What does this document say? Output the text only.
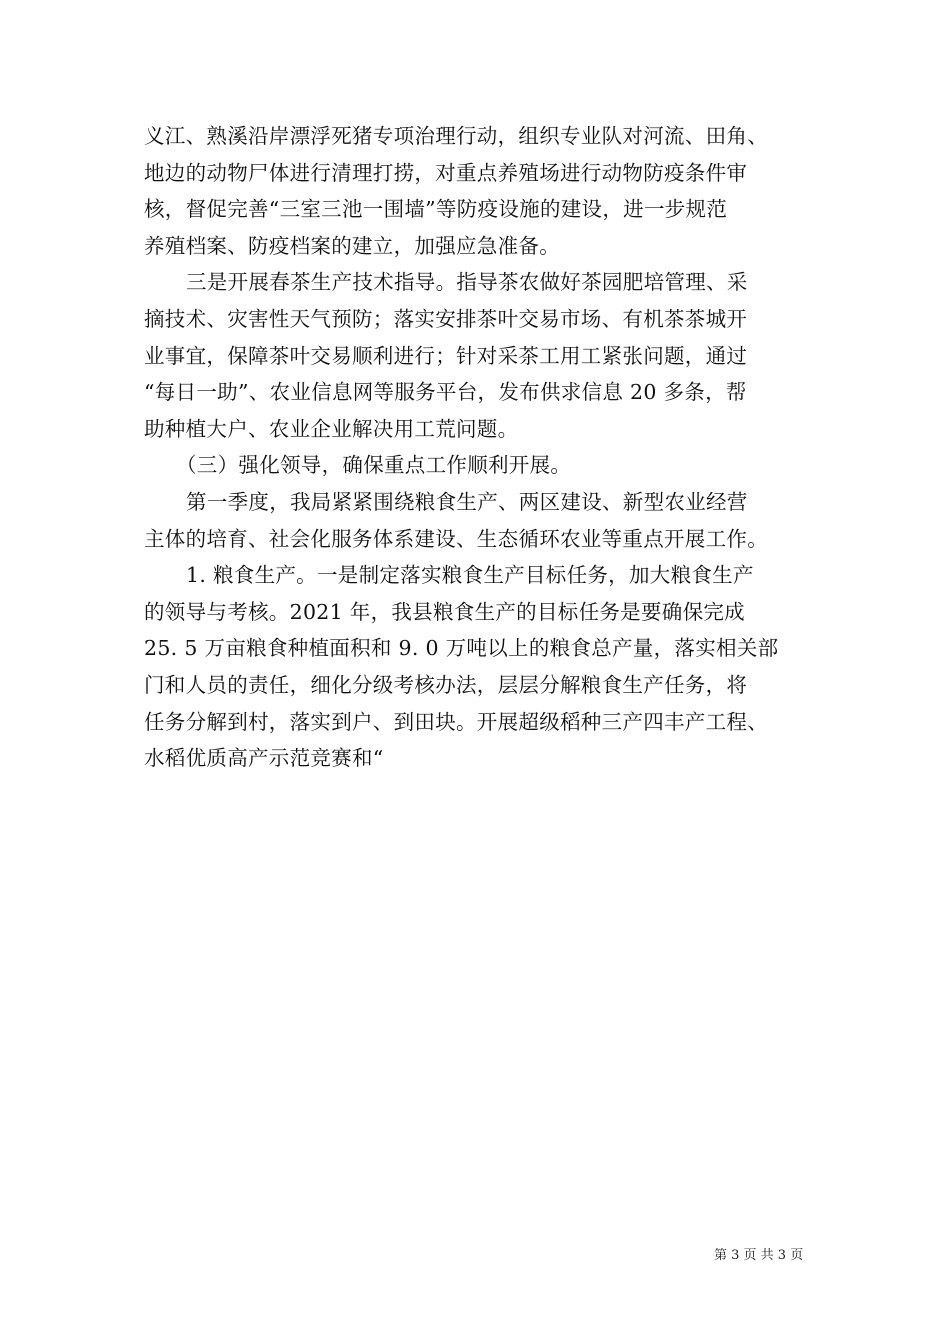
义江、熟溪沿岸漂浮死猪专项治理行动，组织专业队对河流、田角、
地边的动物尸体进行清理打捞，对重点养殖场进行动物防疫条件审
核，督促完善“三室三池一围墙”等防疫设施的建设，进一步规范
养殖档案、防疫档案的建立，加强应急准备。
三是开展春茶生产技术指导。指导茶农做好茶园肥培管理、采
摘技术、灾害性天气预防；落实安排茶叶交易市场、有机茶茶城开
业事宜，保障茶叶交易顺利进行；针对采茶工用工紧张问题，通过
“每日一助”、农业信息网等服务平台，发布供求信息 20 多条，帮
助种植大户、农业企业解决用工荒问题。
（三）强化领导，确保重点工作顺利开展。
第一季度，我局紧紧围绕粮食生产、两区建设、新型农业经营
主体的培育、社会化服务体系建设、生态循环农业等重点开展工作。
1. 粮食生产。一是制定落实粮食生产目标任务，加大粮食生产
的领导与考核。2021 年，我县粮食生产的目标任务是要确保完成
25. 5 万亩粮食种植面积和 9. 0 万吨以上的粮食总产量，落实相关部
门和人员的责任，细化分级考核办法，层层分解粮食生产任务，将
任务分解到村，落实到户、到田块。开展超级稻种三产四丰产工程、
水稻优质高产示范竞赛和“
第 3 页 共 3 页
